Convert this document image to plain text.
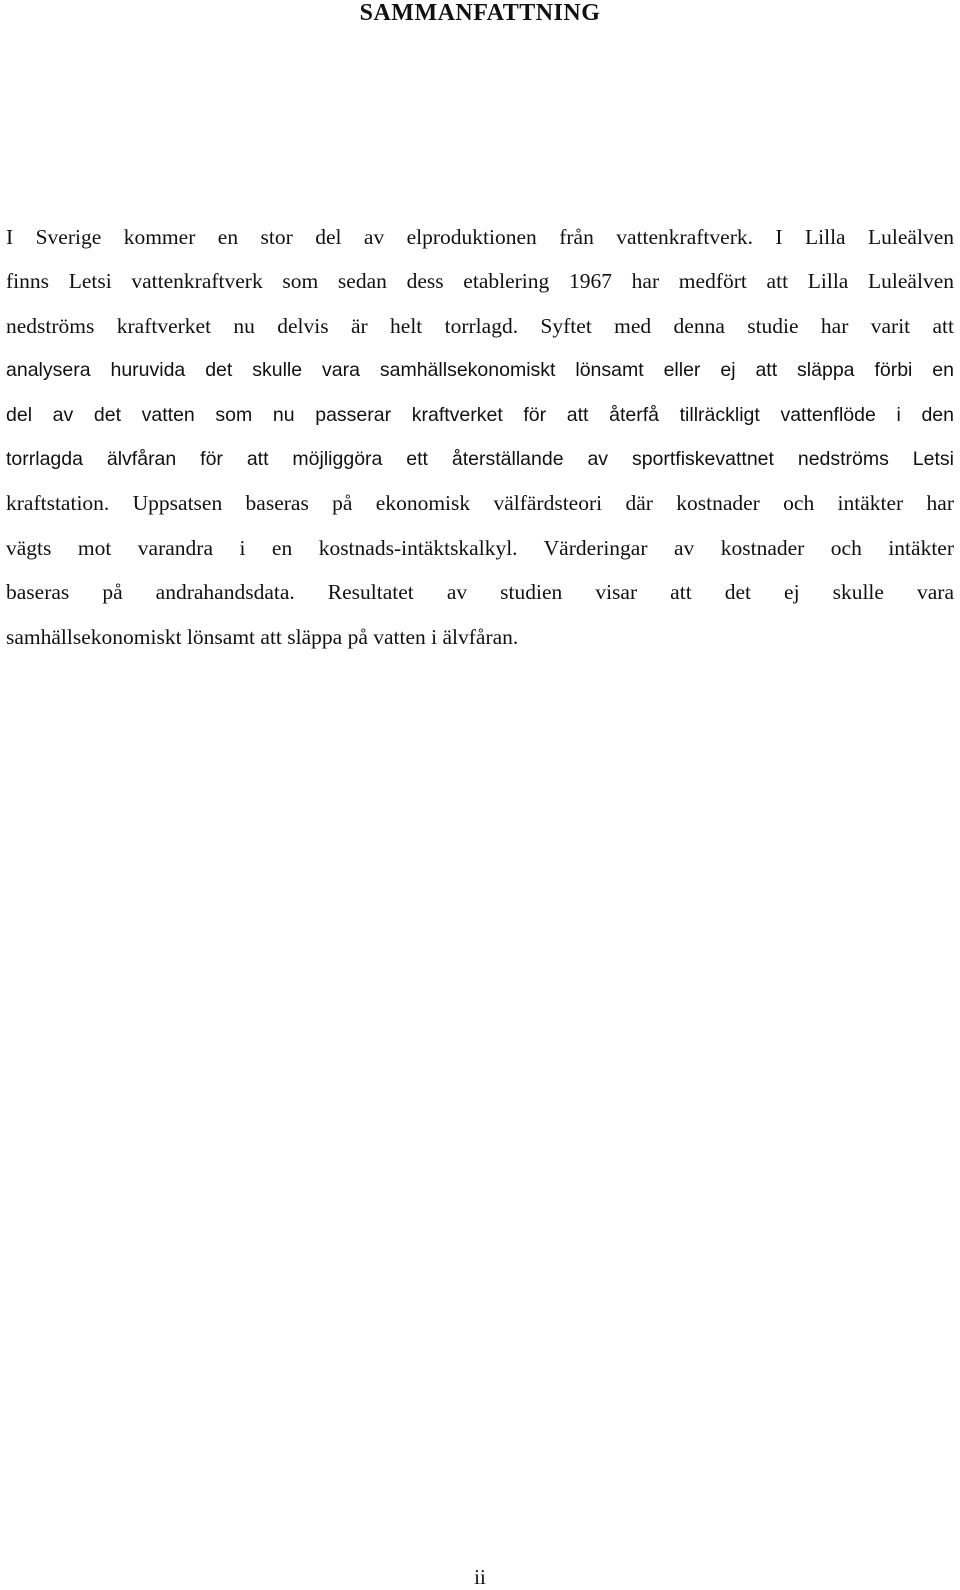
SAMMANFATTNING
I Sverige kommer en stor del av elproduktionen från vattenkraftverk. I Lilla Luleälven
finns Letsi vattenkraftverk som sedan dess etablering 1967 har medfört att Lilla Luleälven
nedströms kraftverket nu delvis är helt torrlagd. Syftet med denna studie har varit att
analysera huruvida det skulle vara samhällsekonomiskt lönsamt eller ej att släppa förbi en
del av det vatten som nu passerar kraftverket för att återfå tillräckligt vattenflöde i den
torrlagda älvfåran för att möjliggöra ett återställande av sportfiskevattnet nedströms Letsi
kraftstation. Uppsatsen baseras på ekonomisk välfärdsteori där kostnader och intäkter har
vägts mot varandra i en kostnads-intäktskalkyl. Värderingar av kostnader och intäkter
baseras på andrahandsdata. Resultatet av studien visar att det ej skulle vara
samhällsekonomiskt lönsamt att släppa på vatten i älvfåran.
ii
